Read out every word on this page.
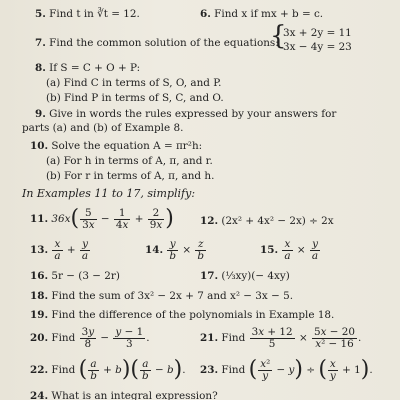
5. Find t in ∛t = 12.	6. Find x if mx + b = c.
7. Find the common solution of the equations:
{
3x + 2y = 11
3x − 4y = 23
8. If S = C + O + P:
(a) Find C in terms of S, O, and P.
(b) Find P in terms of S, C, and O.
9. Give in words the rules expressed by your answers for
parts (a) and (b) of Example 8.
10. Solve the equation A = πr²h:
(a) For h in terms of A, π, and r.
(b) For r in terms of A, π, and h.
In Examples 11 to 17, simplify:
11. $36x( \frac{5}{3x} - \frac{1}{4x} + \frac{2}{9x}$ )	12. (2x² + 4x² − 2x) ÷ 2x
13. $\frac{x}{a} + \frac{y}{a}$	14. $\frac{y}{b} \times \frac{z}{b}$	15. $\frac{x}{a} \times \frac{y}{a}$
16. 5r − (3 − 2r)	17. (⅓xy)(− 4xy)
18. Find the sum of 3x² − 2x + 7 and x² − 3x − 5.
19. Find the difference of the polynomials in Example 18.
20. Find $\frac{3y}{8} - \frac{y - 1}{3}$ .	21. Find $\frac{3x + 12}{5} \times \frac{5x - 20}{\text{x² − 16}}$ .
22. Find ( $\frac{a}{b} + b)( \frac{a}{b} - b)$. 23. Find ( $\frac{\text{x²}}{y} - y$) ÷ ( $\frac{x}{y} + 1$).
24. What is an integral expression?
